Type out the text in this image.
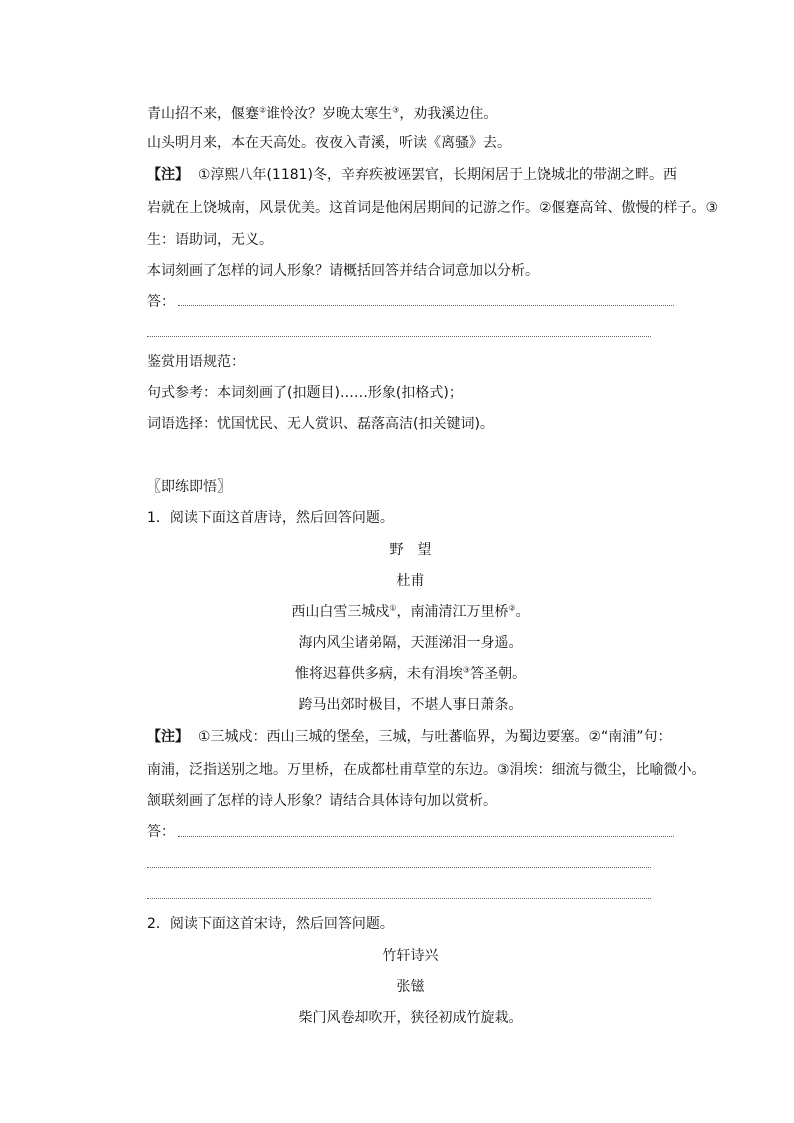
青山招不来，偃蹇②谁怜汝？岁晚太寒生③，劝我溪边住。
山头明月来，本在天高处。夜夜入青溪，听读《离骚》去。
【注】 ①淳熙八年(1181)冬，辛弃疾被诬罢官，长期闲居于上饶城北的带湖之畔。西
岩就在上饶城南，风景优美。这首词是他闲居期间的记游之作。②偃蹇高耸、傲慢的样子。③
生：语助词，无义。
本词刻画了怎样的词人形象？请概括回答并结合词意加以分析。
答：
鉴赏用语规范：
句式参考：本词刻画了(扣题目)……形象(扣格式)；
词语选择：忧国忧民、无人赏识、磊落高洁(扣关键词)。
〖即练即悟〗
1．阅读下面这首唐诗，然后回答问题。
野　望
杜甫
西山白雪三城戍①，南浦清江万里桥②。
海内风尘诸弟隔，天涯涕泪一身遥。
惟将迟暮供多病，未有涓埃③答圣朝。
跨马出郊时极目，不堪人事日萧条。
【注】 ①三城戍：西山三城的堡垒，三城，与吐蕃临界，为蜀边要塞。②“南浦”句：
南浦，泛指送别之地。万里桥，在成都杜甫草堂的东边。③涓埃：细流与微尘，比喻微小。
颔联刻画了怎样的诗人形象？请结合具体诗句加以赏析。
答：
2．阅读下面这首宋诗，然后回答问题。
竹轩诗兴
张镃
柴门风卷却吹开，狭径初成竹旋栽。
